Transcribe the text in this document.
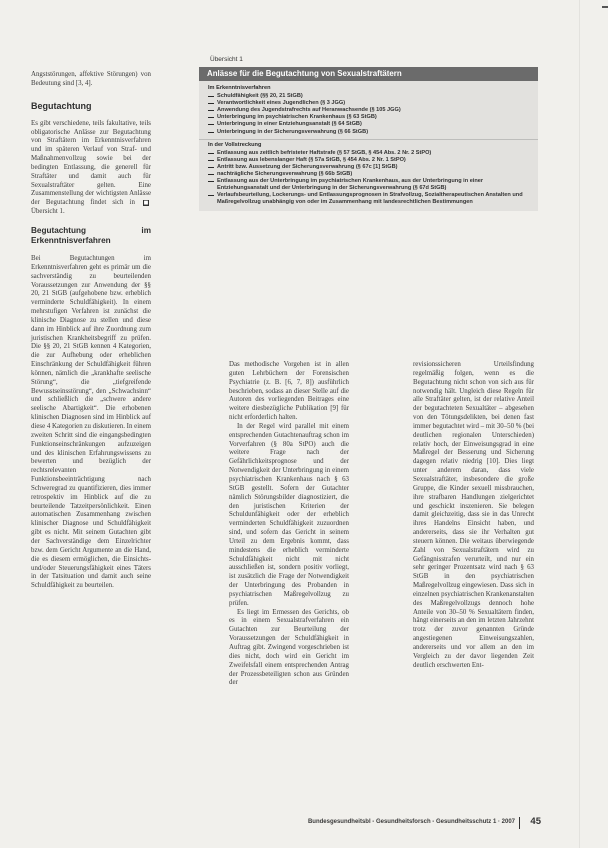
Angststörungen, affektive Störungen) von Bedeutung sind [3, 4].

Begutachtung

Es gibt verschiedene, teils fakultative, teils obligatorische Anlässe zur Begutachtung von Straftätern im Erkenntnisverfahren und im späteren Verlauf von Straf- und Maßnahmenvollzug sowie bei der bedingten Entlassung, die generell für Straftäter und damit auch für Sexualstraftäter gelten. Eine Zusammenstellung der wichtigsten Anlässe der Begutachtung findet sich in ■Übersicht 1.

Begutachtung im Erkenntnisverfahren

Bei Begutachtungen im Erkenntnisverfahren geht es primär um die sachverständig zu beurteilenden Voraussetzungen zur Anwendung der §§ 20, 21 StGB (aufgehobene bzw. erheblich verminderte Schuldfähigkeit). In einem mehrstufigen Verfahren ist zunächst die klinische Diagnose zu stellen und diese dann im Hinblick auf ihre Zuordnung zum juristischen Krankheitsbegriff zu prüfen. Die §§ 20, 21 StGB kennen 4 Kategorien, die zur Aufhebung oder erheblichen Einschränkung der Schuldfähigkeit führen können, nämlich die „krankhafte seelische Störung“, die „tiefgreifende Bewusstseinsstörung“, den „Schwachsinn“ und schließlich die „schwere andere seelische Abartigkeit“. Die erhobenen klinischen Diagnosen sind im Hinblick auf diese 4 Kategorien zu diskutieren. In einem zweiten Schritt sind die eingangsbedingten Funktionseinschränkungen aufzuzeigen und des klinischen Erfahrungswissens zu bewerten und bezüglich der rechtsrelevanten Funktionsbeeinträchtigung nach Schweregrad zu quantifizieren, dies immer retrospektiv im Hinblick auf die zu beurteilende Tatzeitpersönlichkeit. Einen automatischen Zusammenhang zwischen klinischer Diagnose und Schuldfähigkeit gibt es nicht. Mit seinem Gutachten gibt der Sachverständige dem Einzelrichter bzw. dem Gericht Argumente an die Hand, die es diesem ermöglichen, die Einsichts- und/oder Steuerungsfähigkeit eines Täters in der Tatsituation und damit auch seine Schuldfähigkeit zu beurteilen.

Übersicht 1
Anlässe für die Begutachtung von Sexualstraftätern
Im Erkenntnisverfahren
Schuldfähigkeit (§§ 20, 21 StGB)
Verantwortlichkeit eines Jugendlichen (§ 3 JGG)
Anwendung des Jugendstrafrechts auf Heranwachsende (§ 105 JGG)
Unterbringung im psychiatrischen Krankenhaus (§ 63 StGB)
Unterbringung in einer Entziehungsanstalt (§ 64 StGB)
Unterbringung in der Sicherungsverwahrung (§ 66 StGB)
In der Vollstreckung
Entlassung aus zeitlich befristeter Haftstrafe (§ 57 StGB, § 454 Abs. 2 Nr. 2 StPO)
Entlassung aus lebenslanger Haft (§ 57a StGB, § 454 Abs. 2 Nr. 1 StPO)
Antritt bzw. Aussetzung der Sicherungsverwahrung (§ 67c [1] StGB)
nachträgliche Sicherungsverwahrung (§ 66b StGB)
Entlassung aus der Unterbringung im psychiatrischen Krankenhaus, aus der Unterbringung in einer Entziehungsanstalt und der Unterbringung in der Sicherungsverwahrung (§ 67d StGB)
Verlaufsbeurteilung, Lockerungs- und Entlassungsprognosen in Strafvollzug, Sozialtherapeutischen Anstalten und Maßregelvollzug unabhängig von oder im Zusammenhang mit landesrechtlichen Bestimmungen

Das methodische Vorgehen ist in allen guten Lehrbüchern der Forensischen Psychiatrie (z. B. [6, 7, 8]) ausführlich beschrieben, sodass an dieser Stelle auf die Autoren des vorliegenden Beitrages eine weitere diesbezügliche Publikation [9] für nicht erforderlich halten.

In der Regel wird parallel mit einem entsprechenden Gutachtenauftrag schon im Vorverfahren (§ 80a StPO) auch die weitere Frage nach der Gefährlichkeitsprognose und der Notwendigkeit der Unterbringung in einem psychiatrischen Krankenhaus nach § 63 StGB gestellt. Sofern der Gutachter nämlich Störungsbilder diagnostiziert, die den juristischen Kriterien der Schuldunfähigkeit oder der erheblich verminderten Schuldfähigkeit zuzuordnen sind, und sofern das Gericht in seinem Urteil zu dem Ergebnis kommt, dass mindestens die erheblich verminderte Schuldfähigkeit nicht mit nicht ausschließen ist, sondern positiv vorliegt, ist zusätzlich die Frage der Notwendigkeit der Unterbringung des Probanden in psychiatrischen Maßregelvollzug zu prüfen.

Es liegt im Ermessen des Gerichts, ob es in einem Sexualstrafverfahren ein Gutachten zur Beurteilung der Voraussetzungen der Schuldfähigkeit in Auftrag gibt. Zwingend vorgeschrieben ist dies nicht, doch wird ein Gericht im Zweifelsfall einem entsprechenden Antrag der Prozessbeteiligten schon aus Gründen der

revisionssicheren Urteilsfindung regelmäßig folgen, wenn es die Begutachtung nicht schon von sich aus für notwendig hält. Ungleich diese Regeln für alle Straftäter gelten, ist der relative Anteil der begutachteten Sexualtäter – abgesehen von den Tötungsdelikten, bei denen fast immer begutachtet wird – mit 30–50 % (bei deutlichen regionalen Unterschieden) relativ hoch, der Einweisungsgrad in eine Maßregel der Besserung und Sicherung dagegen relativ niedrig [10]. Dies liegt unter anderem daran, dass viele Sexualstraftäter, insbesondere die große Gruppe, die Kinder sexuell missbrauchen, ihre strafbaren Handlungen zielgerichtet und geschickt inszenieren. Sie belegen damit gleichzeitig, dass sie in das Unrecht ihres Handelns Einsicht haben, und andererseits, dass sie ihr Verhalten gut steuern können. Die weitaus überwiegende Zahl von Sexualstraftätern wird zu Gefängnisstrafen verurteilt, und nur ein sehr geringer Prozentsatz wird nach § 63 StGB in den psychiatrischen Maßregelvollzug eingewiesen. Dass sich in einzelnen psychiatrischen Krankenanstalten des Maßregelvollzugs dennoch hohe Anteile von 30–50 % Sexualtätern finden, hängt einerseits an den im letzten Jahrzehnt trotz der zuvor genannten Gründe angestiegenen Einweisungszahlen, andererseits und vor allem an den im Vergleich zu der davor liegenden Zeit deutlich erschwerten Ent-

Bundesgesundheitsbl - Gesundheitsforsch - Gesundheitsschutz 1 · 2007 45
